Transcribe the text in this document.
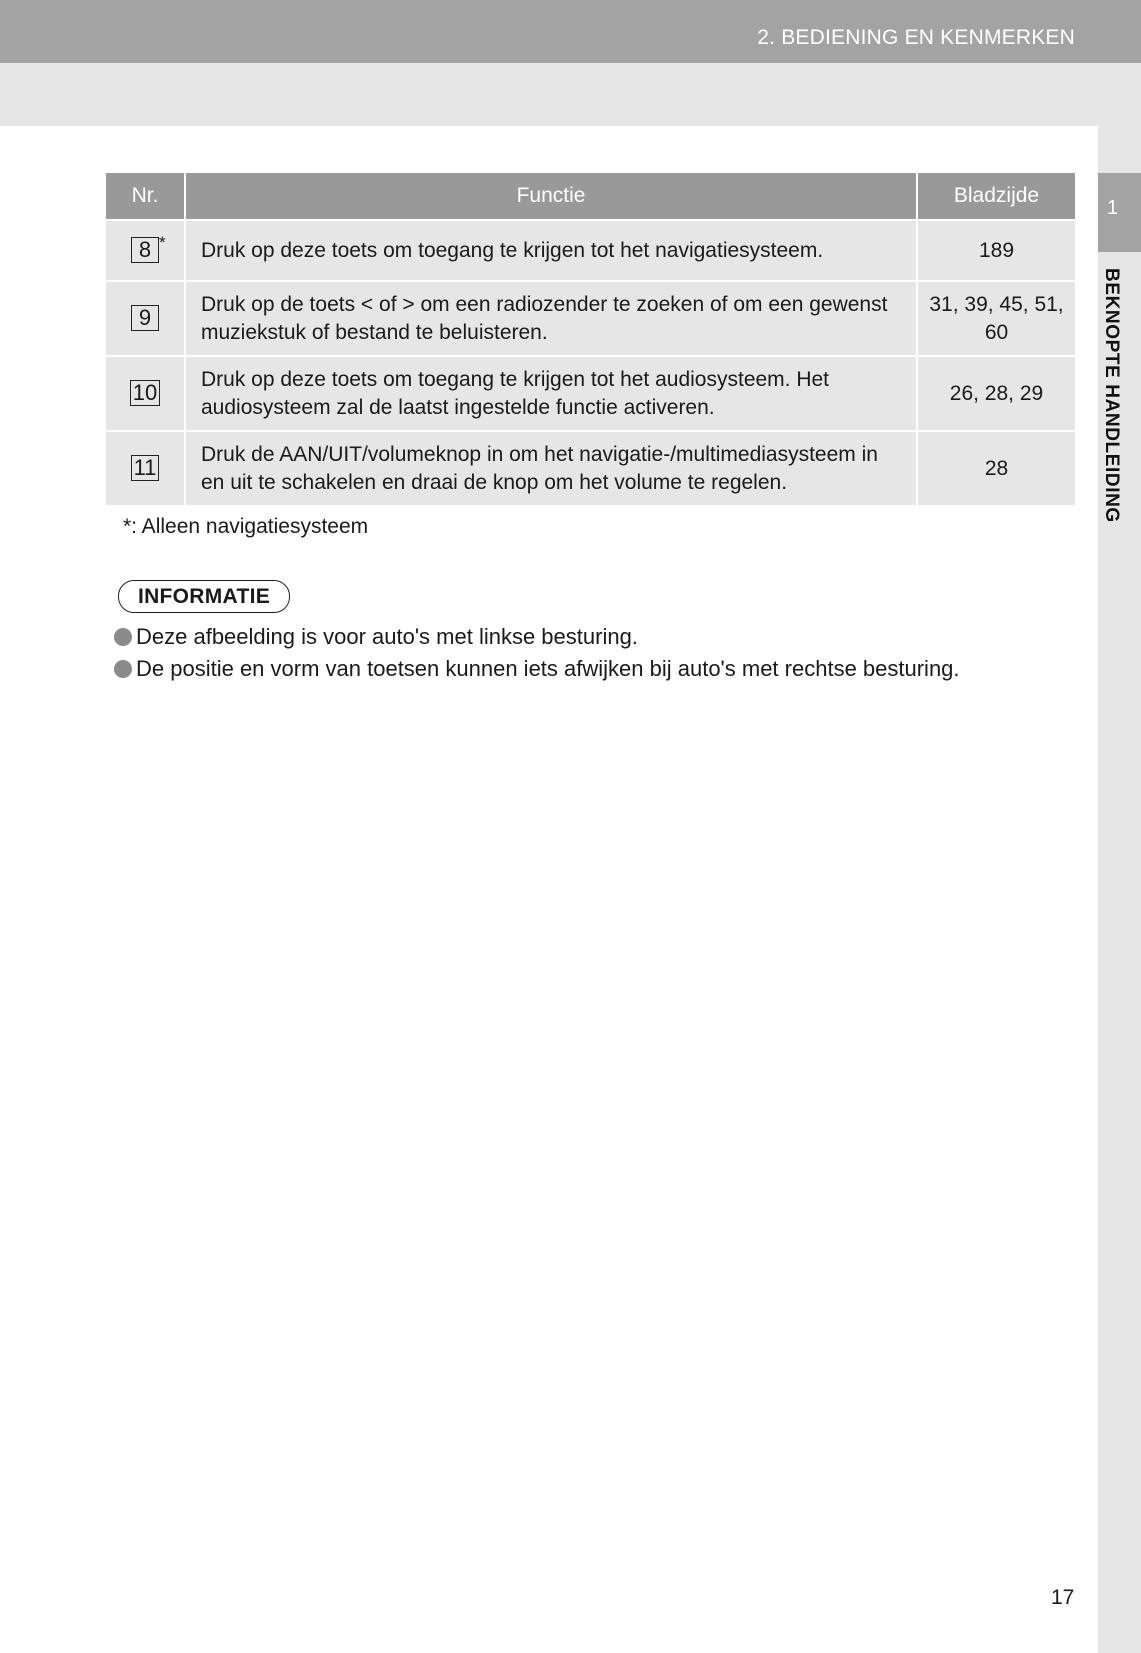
2. BEDIENING EN KENMERKEN
1
BEKNOPTE HANDLEIDING
Nr.	Functie	Bladzijde
8 *	Druk op deze toets om toegang te krijgen tot het navigatiesysteem.	189
9	Druk op de toets < of > om een radiozender te zoeken of om een gewenst muziekstuk of bestand te beluisteren.	31, 39, 45, 51, 60
10	Druk op deze toets om toegang te krijgen tot het audiosysteem. Het audiosysteem zal de laatst ingestelde functie activeren.	26, 28, 29
11	Druk de AAN/UIT/volumeknop in om het navigatie-/multimediasysteem in en uit te schakelen en draai de knop om het volume te regelen.	28
*: Alleen navigatiesysteem
INFORMATIE
Deze afbeelding is voor auto's met linkse besturing.
De positie en vorm van toetsen kunnen iets afwijken bij auto's met rechtse besturing.
17
